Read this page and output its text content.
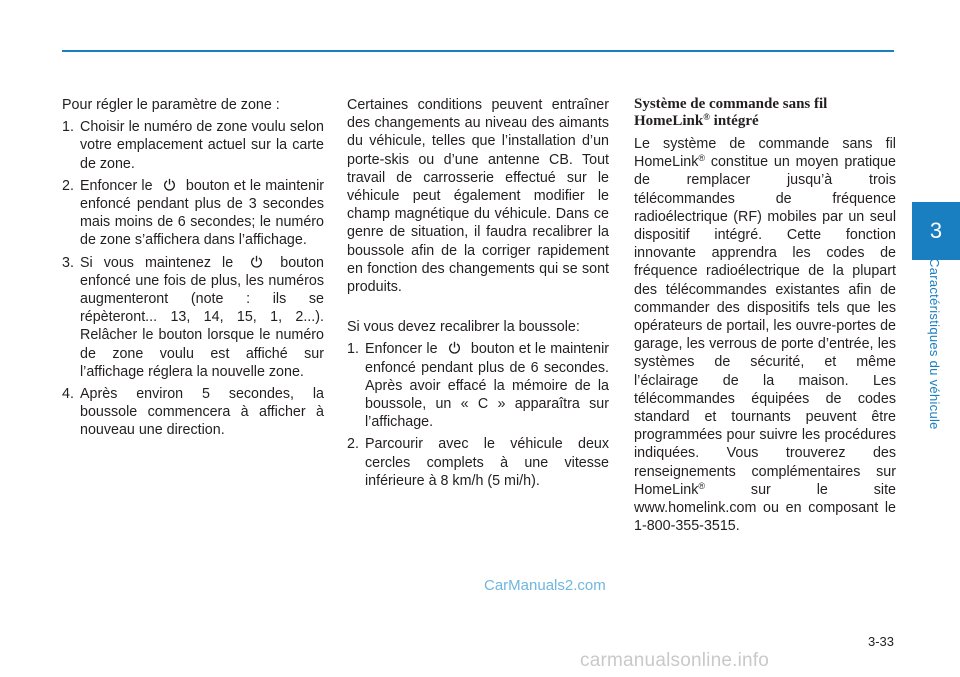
3
Caractéristiques du véhicule

Pour régler le paramètre de zone :

1. Choisir le numéro de zone voulu selon votre emplacement actuel sur la carte de zone.
2. Enfoncer le bouton et le maintenir enfoncé pendant plus de 3 secondes mais moins de 6 secondes; le numéro de zone s’affichera dans l’affichage.
3. Si vous maintenez le	bouton enfoncé une fois de plus, les numéros augmenteront (note : ils se répèteront... 13, 14, 15, 1, 2...). Relâcher le bouton lorsque le numéro de zone voulu est affiché sur l’affichage réglera la nouvelle zone.
4. Après environ 5 secondes, la boussole commencera à afficher à nouveau une direction.

Certaines conditions peuvent entraîner des changements au niveau des aimants du véhicule, telles que l’installation d’un porte-skis ou d’une antenne CB. Tout travail de carrosserie effectué sur le véhicule peut également modifier le champ magnétique du véhicule. Dans ce genre de situation, il faudra recalibrer la boussole afin de la corriger rapidement en fonction des changements qui se sont produits.

Si vous devez recalibrer la boussole:

1. Enfoncer le bouton et le maintenir enfoncé pendant plus de 6 secondes. Après avoir effacé la mémoire de la boussole, un « C » apparaîtra sur l’affichage.
2. Parcourir avec le véhicule deux cercles complets à une vitesse inférieure à 8 km/h (5 mi/h).
Système de commande sans fil
HomeLink® intégré

Le système de commande sans fil HomeLink® constitue un moyen pratique de remplacer jusqu’à trois télécommandes de fréquence radioélectrique (RF) mobiles par un seul dispositif intégré. Cette fonction innovante apprendra les codes de fréquence radioélectrique de la plupart des télécommandes existantes afin de commander des dispositifs tels que les opérateurs de portail, les ouvre-portes de garage, les verrous de porte d’entrée, les systèmes de sécurité, et même l’éclairage de la maison. Les télécommandes équipées de codes standard et tournants peuvent être programmées pour suivre les procédures indiquées. Vous trouverez des renseignements complémentaires sur HomeLink® sur le site www.homelink.com ou en composant le 1-800-355-3515.

3-33
CarManuals2.com
carmanualsonline.info
